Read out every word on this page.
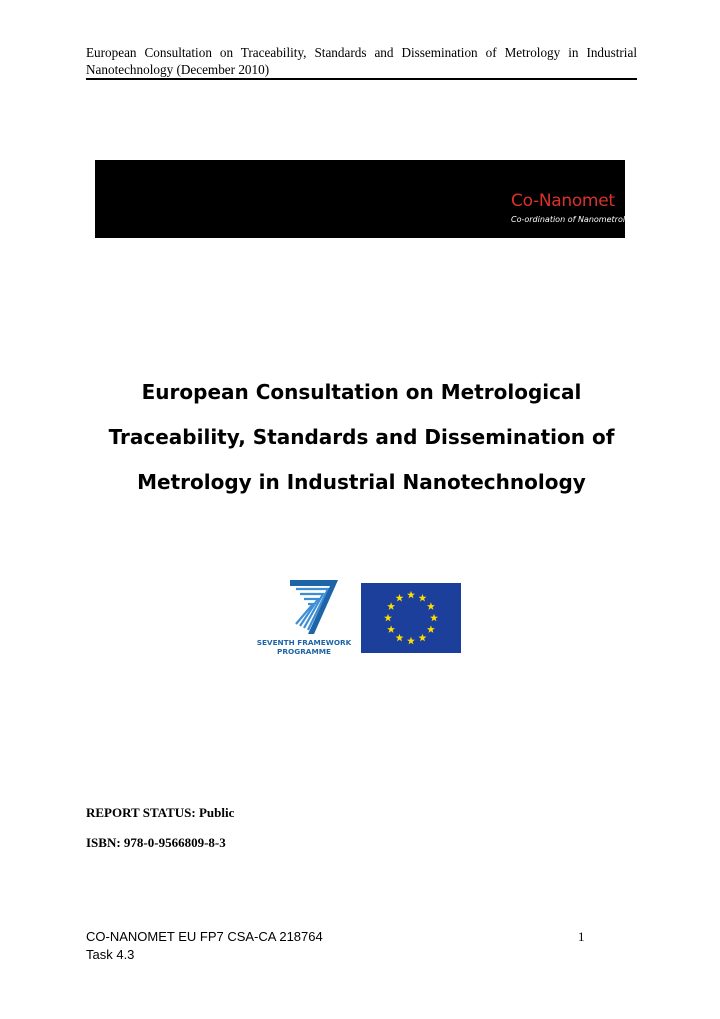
European Consultation on Traceability, Standards and Dissemination of Metrology in Industrial Nanotechnology (December 2010)
Co-Nanomet
Co-ordination of Nanometrology in Europe
European Consultation on Metrological
Traceability, Standards and Dissemination of
Metrology in Industrial Nanotechnology
SEVENTH FRAMEWORK
PROGRAMME
REPORT STATUS: Public
ISBN: 978-0-9566809-8-3
CO-NANOMET EU FP7 CSA-CA 218764
Task 4.3
1
